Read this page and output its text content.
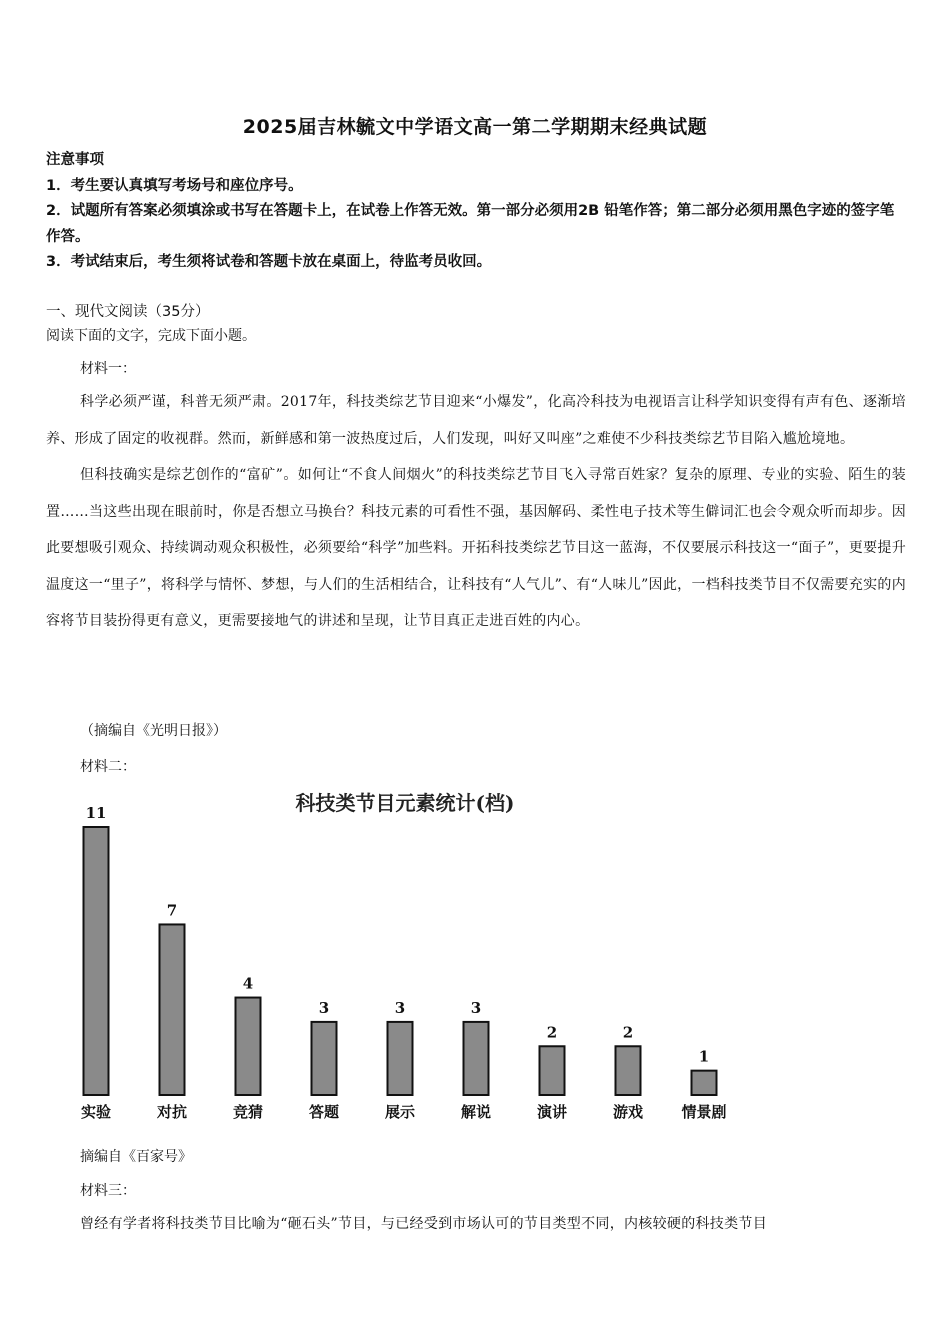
2025届吉林毓文中学语文高一第二学期期末经典试题

注意事项

1．考生要认真填写考场号和座位序号。

2．试题所有答案必须填涂或书写在答题卡上，在试卷上作答无效。第一部分必须用2B 铅笔作答；第二部分必须用黑色字迹的签字笔作答。

3．考试结束后，考生须将试卷和答题卡放在桌面上，待监考员收回。

一、现代文阅读（35分）
阅读下面的文字，完成下面小题。
材料一：

科学必须严谨，科普无须严肃。2017年，科技类综艺节目迎来“小爆发”，化高冷科技为电视语言让科学知识变得有声有色、逐渐培养、形成了固定的收视群。然而，新鲜感和第一波热度过后，人们发现，叫好又叫座”之难使不少科技类综艺节目陷入尴尬境地。

但科技确实是综艺创作的“富矿”。如何让“不食人间烟火”的科技类综艺节目飞入寻常百姓家？复杂的原理、专业的实验、陌生的装置……当这些出现在眼前时，你是否想立马换台？科技元素的可看性不强，基因解码、柔性电子技术等生僻词汇也会令观众听而却步。因此要想吸引观众、持续调动观众积极性，必须要给“科学”加些料。开拓科技类综艺节目这一蓝海，不仅要展示科技这一“面子”，更要提升温度这一“里子”，将科学与情怀、梦想，与人们的生活相结合，让科技有“人气儿”、有“人味儿”因此，一档科技类节目不仅需要充实的内容将节目装扮得更有意义，更需要接地气的讲述和呈现，让节目真正走进百姓的内心。

（摘编自《光明日报》）
材料二：
科技类节目元素统计(档)
11
实验
7
对抗
4
竞猜
3
答题
3
展示
3
解说
2
演讲
2
游戏
1
情景剧
摘编自《百家号》
材料三：

曾经有学者将科技类节目比喻为“砸石头”节目，与已经受到市场认可的节目类型不同，内核较硬的科技类节目
